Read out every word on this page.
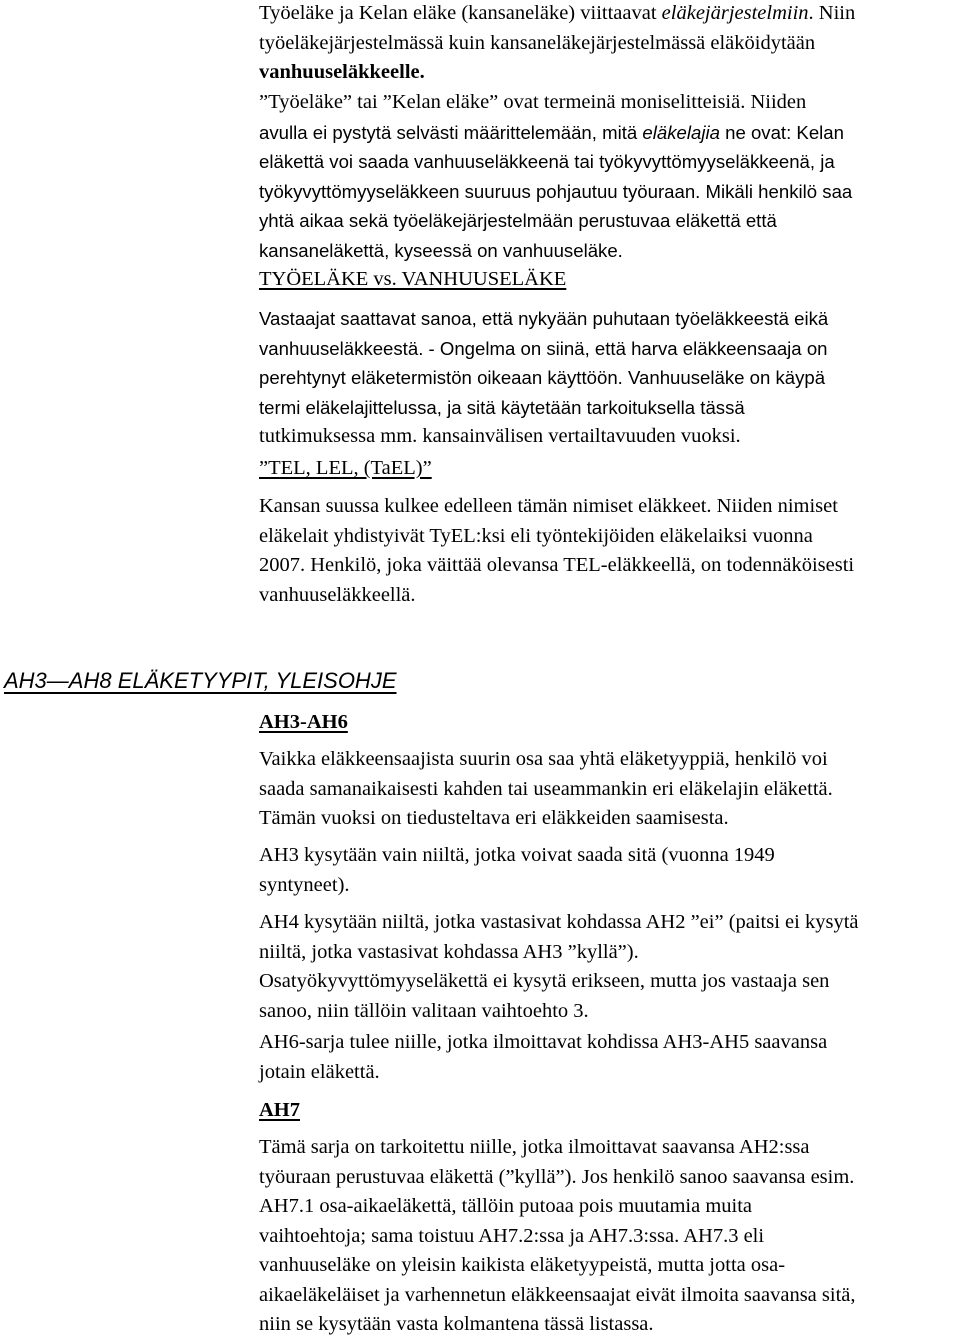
Työeläke ja Kelan eläke (kansaneläke) viittaavat eläkejärjestelmiin. Niin
työeläkejärjestelmässä kuin kansaneläkejärjestelmässä eläköidytään
vanhuuseläkkeelle.

”Työeläke” tai ”Kelan eläke” ovat termeinä moniselitteisiä. Niiden
avulla ei pystytä selvästi määrittelemään, mitä eläkelajia ne ovat: Kelan
eläkettä voi saada vanhuuseläkkeenä tai työkyvyttömyyseläkkeenä, ja
työkyvyttömyyseläkkeen suuruus pohjautuu työuraan. Mikäli henkilö saa
yhtä aikaa sekä työeläkejärjestelmään perustuvaa eläkettä että
kansaneläkettä, kyseessä on vanhuuseläke.

TYÖELÄKE vs. VANHUUSELÄKE

Vastaajat saattavat sanoa, että nykyään puhutaan työeläkkeestä eikä
vanhuuseläkkeestä. - Ongelma on siinä, että harva eläkkeensaaja on
perehtynyt eläketermistön oikeaan käyttöön. Vanhuuseläke on käypä
termi eläkelajittelussa, ja sitä käytetään tarkoituksella tässä
tutkimuksessa mm. kansainvälisen vertailtavuuden vuoksi.

”TEL, LEL, (TaEL)”

Kansan suussa kulkee edelleen tämän nimiset eläkkeet. Niiden nimiset
eläkelait yhdistyivät TyEL:ksi eli työntekijöiden eläkelaiksi vuonna
2007. Henkilö, joka väittää olevansa TEL-eläkkeellä, on todennäköisesti
vanhuuseläkkeellä.

AH3—AH8 ELÄKETYYPIT, YLEISOHJE

AH3-AH6

Vaikka eläkkeensaajista suurin osa saa yhtä eläketyyppiä, henkilö voi
saada samanaikaisesti kahden tai useammankin eri eläkelajin eläkettä.
Tämän vuoksi on tiedusteltava eri eläkkeiden saamisesta.

AH3 kysytään vain niiltä, jotka voivat saada sitä (vuonna 1949
syntyneet).

AH4 kysytään niiltä, jotka vastasivat kohdassa AH2 ”ei” (paitsi ei kysytä
niiltä, jotka vastasivat kohdassa AH3 ”kyllä”).
Osatyökyvyttömyyseläkettä ei kysytä erikseen, mutta jos vastaaja sen
sanoo, niin tällöin valitaan vaihtoehto 3.

AH6-sarja tulee niille, jotka ilmoittavat kohdissa AH3-AH5 saavansa
jotain eläkettä.

AH7

Tämä sarja on tarkoitettu niille, jotka ilmoittavat saavansa AH2:ssa
työuraan perustuvaa eläkettä (”kyllä”). Jos henkilö sanoo saavansa esim.
AH7.1 osa-aikaeläkettä, tällöin putoaa pois muutamia muita
vaihtoehtoja; sama toistuu AH7.2:ssa ja AH7.3:ssa. AH7.3 eli
vanhuuseläke on yleisin kaikista eläketyypeistä, mutta jotta osa-
aikaeläkeläiset ja varhennetun eläkkeensaajat eivät ilmoita saavansa sitä,
niin se kysytään vasta kolmantena tässä listassa.
